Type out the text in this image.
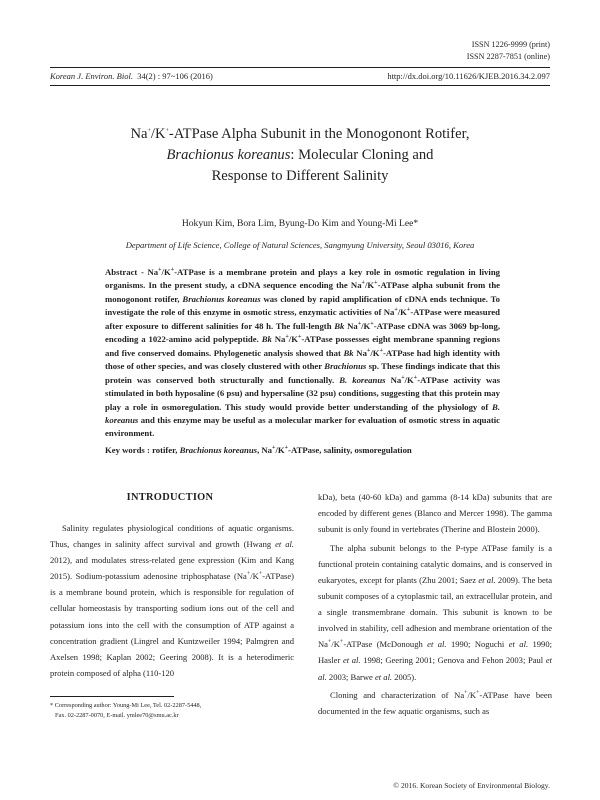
ISSN 1226-9999 (print)
ISSN 2287-7851 (online)
Korean J. Environ. Biol. 34(2) : 97~106 (2016)	http://dx.doi.org/10.11626/KJEB.2016.34.2.097
Na+/K+-ATPase Alpha Subunit in the Monogonont Rotifer,
Brachionus koreanus: Molecular Cloning and
Response to Different Salinity
Hokyun Kim, Bora Lim, Byung-Do Kim and Young-Mi Lee*
Department of Life Science, College of Natural Sciences, Sangmyung University, Seoul 03016, Korea
Abstract - Na+/K+-ATPase is a membrane protein and plays a key role in osmotic regulation in living organisms. In the present study, a cDNA sequence encoding the Na+/K+-ATPase alpha subunit from the monogonont rotifer, Brachionus koreanus was cloned by rapid amplification of cDNA ends technique. To investigate the role of this enzyme in osmotic stress, enzymatic activities of Na+/K+-ATPase were measured after exposure to different salinities for 48 h. The full-length Bk Na+/K+-ATPase cDNA was 3069 bp-long, encoding a 1022-amino acid polypeptide. Bk Na+/K+-ATPase possesses eight membrane spanning regions and five conserved domains. Phylogenetic analysis showed that Bk Na+/K+-ATPase had high identity with those of other species, and was closely clustered with other Brachionus sp. These findings indicate that this protein was conserved both structurally and functionally. B. koreanus Na+/K+-ATPase activity was stimulated in both hyposaline (6 psu) and hypersaline (32 psu) conditions, suggesting that this protein may play a role in osmoregulation. This study would provide better understanding of the physiology of B. koreanus and this enzyme may be useful as a molecular marker for evaluation of osmotic stress in aquatic environment.
Key words : rotifer, Brachionus koreanus, Na+/K+-ATPase, salinity, osmoregulation
INTRODUCTION

Salinity regulates physiological conditions of aquatic organisms. Thus, changes in salinity affect survival and growth (Hwang et al. 2012), and modulates stress-related gene expression (Kim and Kang 2015). Sodium-potassium adenosine triphosphatase (Na+/K+-ATPase) is a membrane bound protein, which is responsible for regulation of cellular homeostasis by transporting sodium ions out of the cell and potassium ions into the cell with the consumption of ATP against a concentration gradient (Lingrel and Kuntzweiler 1994; Palmgren and Axelsen 1998; Kaplan 2002; Geering 2008). It is a heterodimeric protein composed of alpha (110-120

kDa), beta (40-60 kDa) and gamma (8-14 kDa) subunits that are encoded by different genes (Blanco and Mercer 1998). The gamma subunit is only found in vertebrates (Therine and Blostein 2000).

The alpha subunit belongs to the P-type ATPase family is a functional protein containing catalytic domains, and is conserved in eukaryotes, except for plants (Zhu 2001; Saez et al. 2009). The beta subunit composes of a cytoplasmic tail, an extracellular protein, and a single transmembrane domain. This subunit is known to be involved in stability, cell adhesion and membrane orientation of the Na+/K+-ATPase (McDonough et al. 1990; Noguchi et al. 1990; Hasler et al. 1998; Geering 2001; Genova and Fehon 2003; Paul et al. 2003; Barwe et al. 2005).

Cloning and characterization of Na+/K+-ATPase have been documented in the few aquatic organisms, such as

* Corresponding author: Young-Mi Lee, Tel. 02-2287-5448,
Fax. 02-2287-0070, E-mail. ymlee70@smu.ac.kr
© 2016. Korean Society of Environmental Biology.
